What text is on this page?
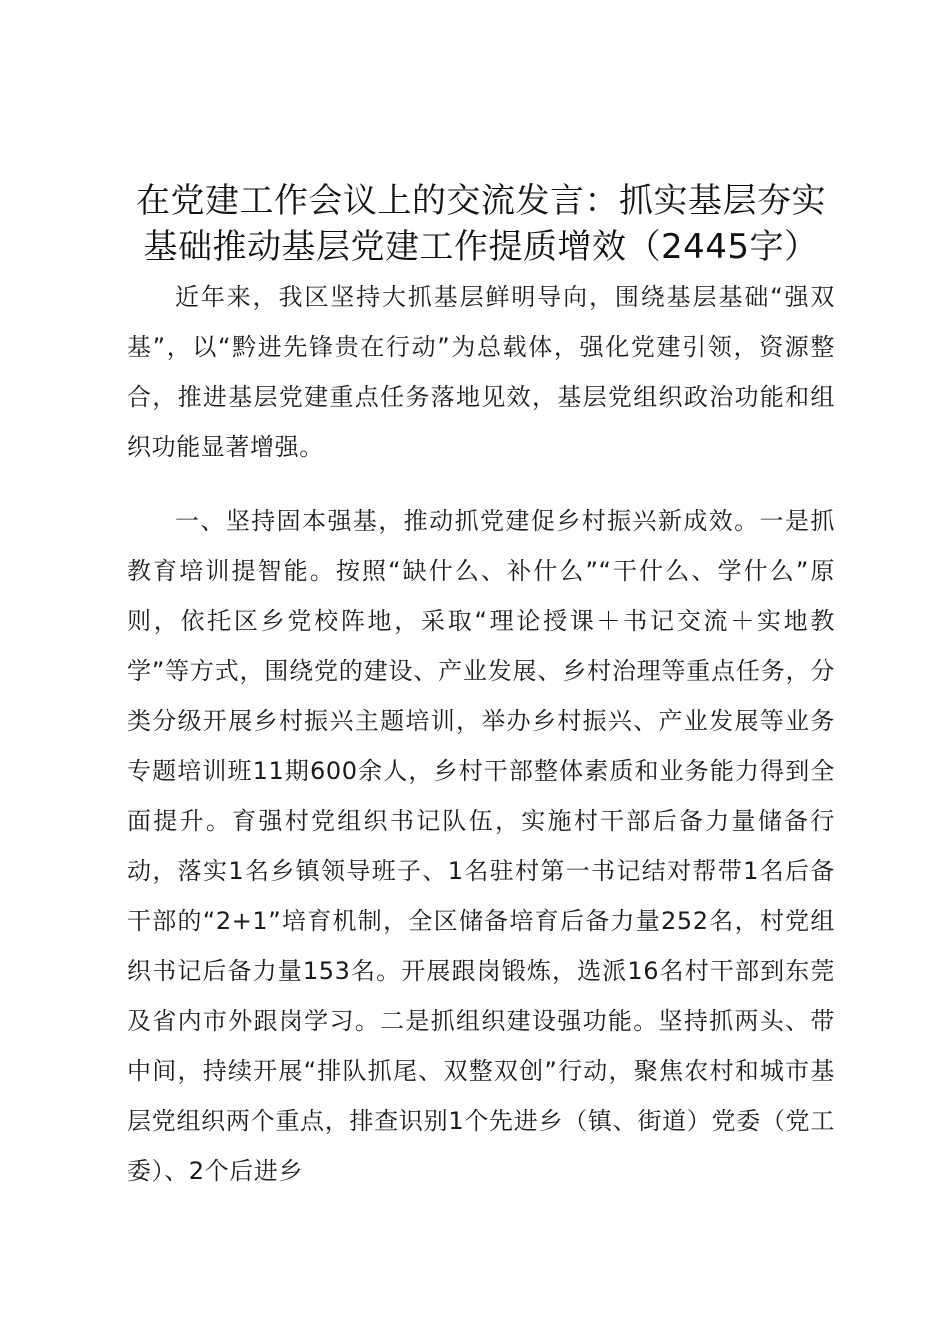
在党建工作会议上的交流发言：抓实基层夯实
基础推动基层党建工作提质增效（2445字）

近年来，我区坚持大抓基层鲜明导向，围绕基层基础“强双基”，以“黔进先锋贵在行动”为总载体，强化党建引领，资源整合，推进基层党建重点任务落地见效，基层党组织政治功能和组织功能显著增强。

一、坚持固本强基，推动抓党建促乡村振兴新成效。一是抓教育培训提智能。按照“缺什么、补什么”“干什么、学什么”原则，依托区乡党校阵地，采取“理论授课＋书记交流＋实地教学”等方式，围绕党的建设、产业发展、乡村治理等重点任务，分类分级开展乡村振兴主题培训，举办乡村振兴、产业发展等业务专题培训班11期600余人，乡村干部整体素质和业务能力得到全面提升。育强村党组织书记队伍，实施村干部后备力量储备行动，落实1名乡镇领导班子、1名驻村第一书记结对帮带1名后备干部的“2+1”培育机制，全区储备培育后备力量252名，村党组织书记后备力量153名。开展跟岗锻炼，选派16名村干部到东莞及省内市外跟岗学习。二是抓组织建设强功能。坚持抓两头、带中间，持续开展“排队抓尾、双整双创”行动，聚焦农村和城市基层党组织两个重点，排查识别1个先进乡（镇、街道）党委（党工委）、2个后进乡
